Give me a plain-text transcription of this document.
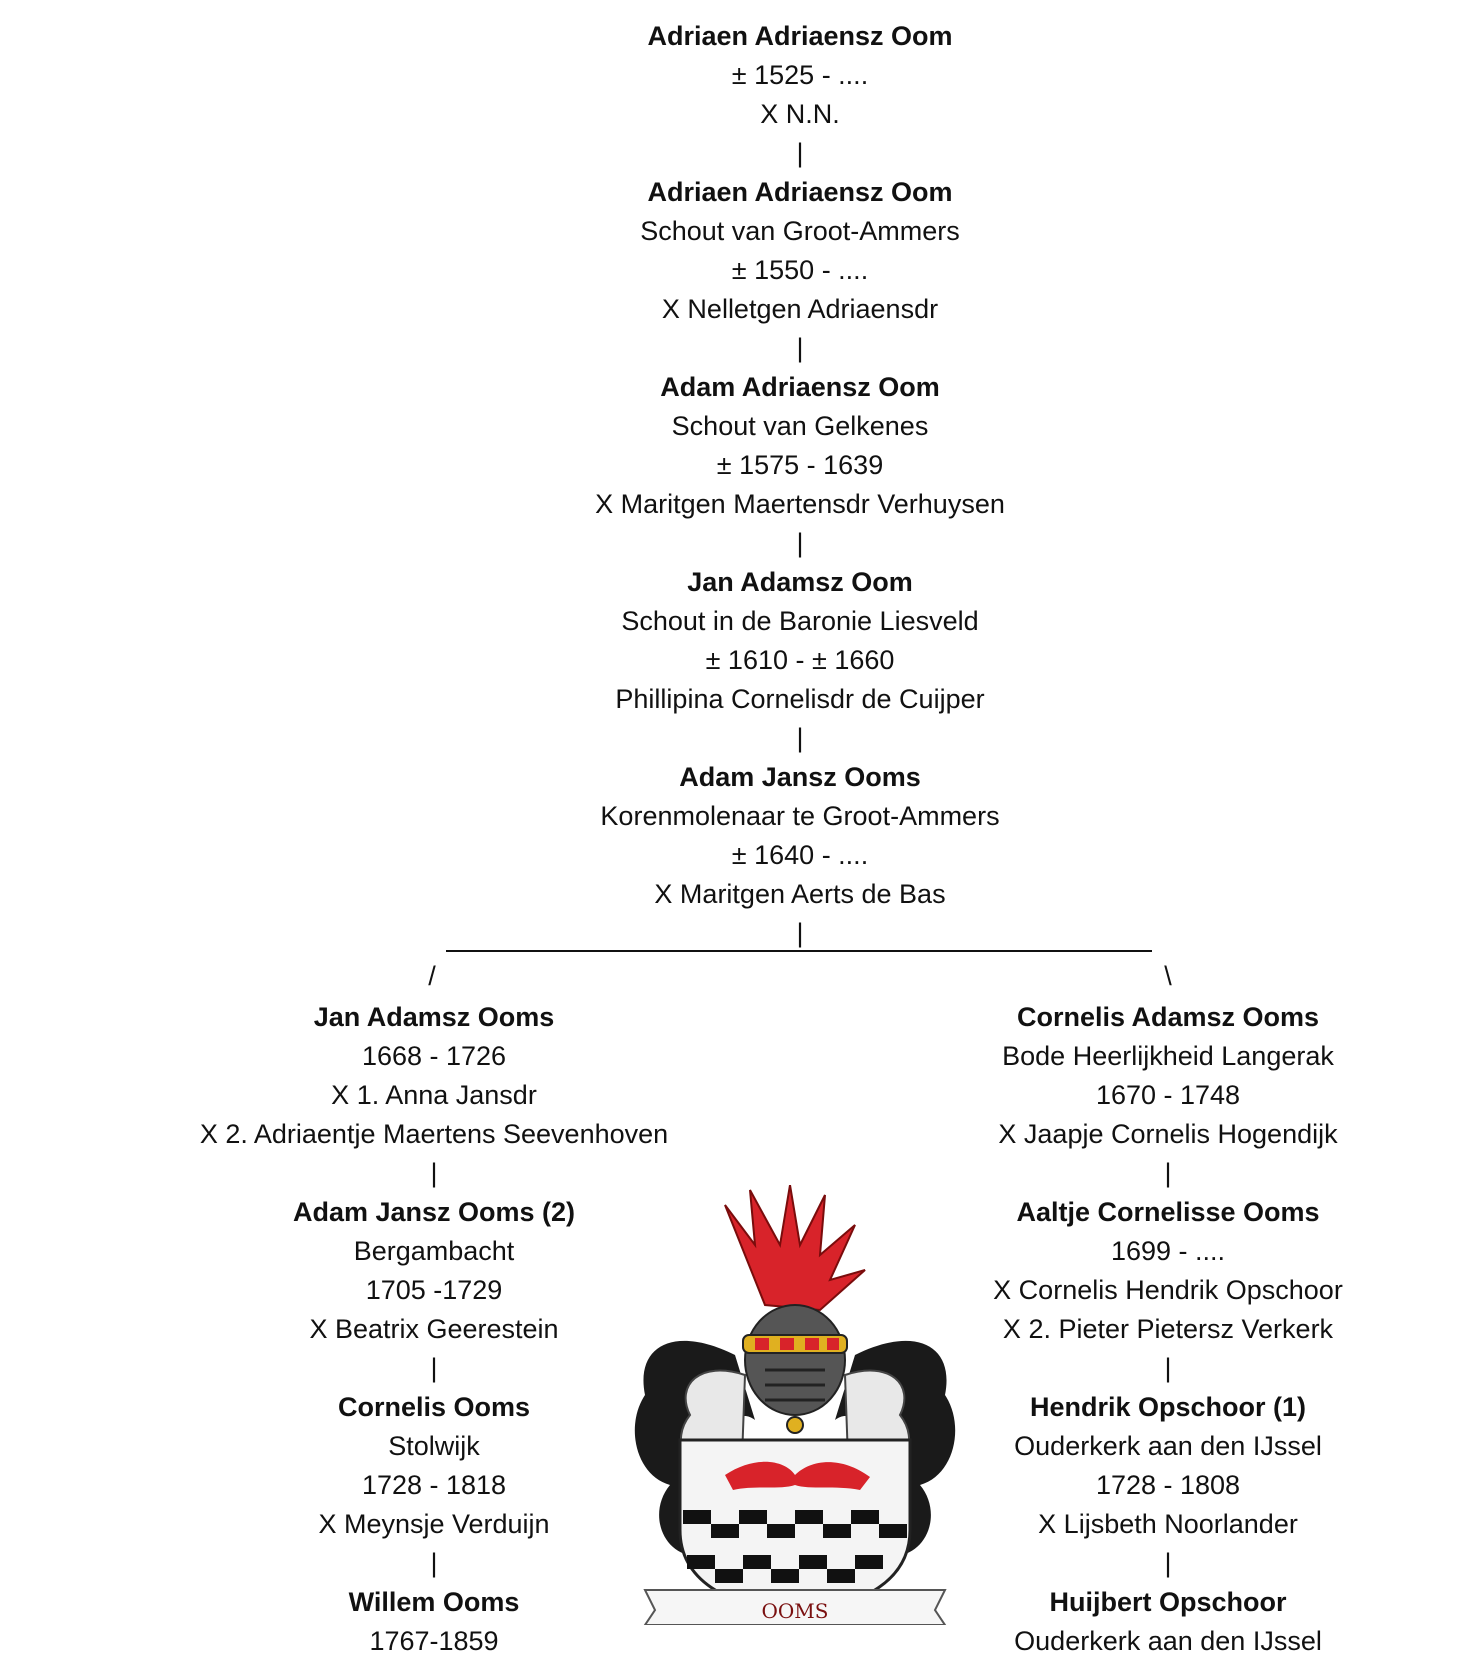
Adriaen Adriaensz Oom
± 1525 - ....
X N.N.
|
Adriaen Adriaensz Oom
Schout van Groot-Ammers
± 1550 - ....
X Nelletgen Adriaensdr
|
Adam Adriaensz Oom
Schout van Gelkenes
± 1575 - 1639
X Maritgen Maertensdr Verhuysen
|
Jan Adamsz Oom
Schout in de Baronie Liesveld
± 1610 - ± 1660
Phillipina Cornelisdr de Cuijper
|
Adam Jansz Ooms
Korenmolenaar te Groot-Ammers
± 1640 - ....
X Maritgen Aerts de Bas
|
/	\
Jan Adamsz Ooms
1668 - 1726
X 1. Anna Jansdr
X 2. Adriaentje Maertens Seevenhoven
|
Adam Jansz Ooms (2)
Bergambacht
1705 -1729
X Beatrix Geerestein
|
Cornelis Ooms
Stolwijk
1728 - 1818
X Meynsje Verduijn
|
Willem Ooms
1767-1859
Cornelis Adamsz Ooms
Bode Heerlijkheid Langerak
1670 - 1748
X Jaapje Cornelis Hogendijk
|
Aaltje Cornelisse Ooms
1699 - ....
X Cornelis Hendrik Opschoor
X 2. Pieter Pietersz Verkerk
|
Hendrik Opschoor (1)
Ouderkerk aan den IJssel
1728 - 1808
X Lijsbeth Noorlander
|
Huijbert Opschoor
Ouderkerk aan den IJssel
OOMS
